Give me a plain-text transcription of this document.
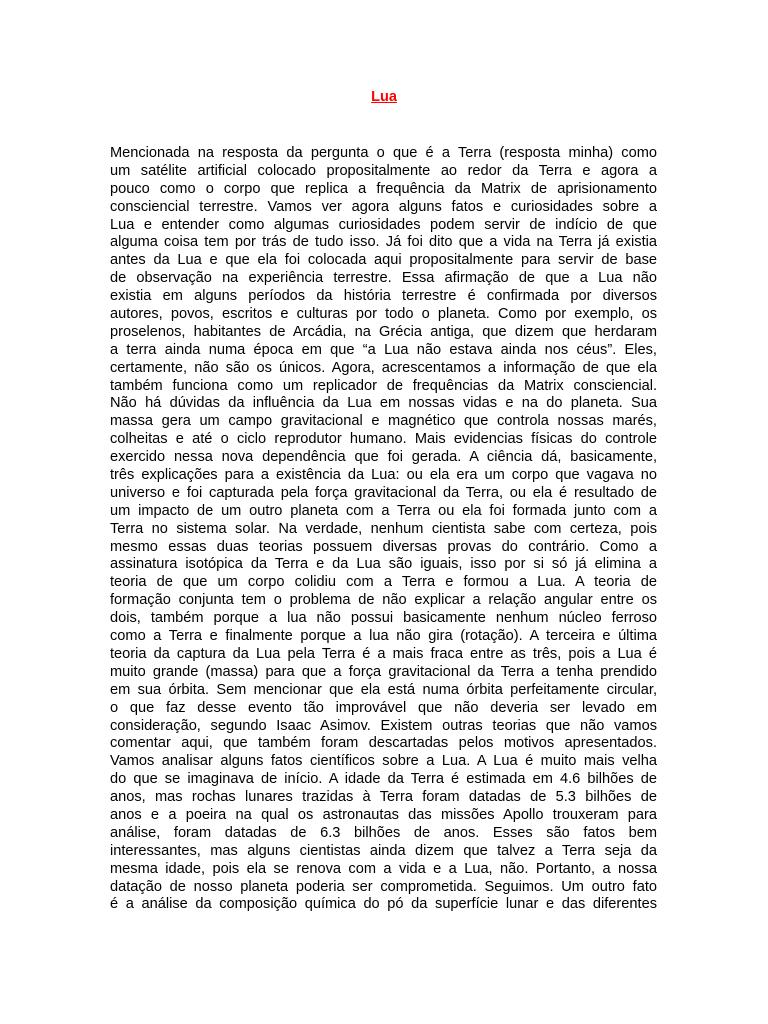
Lua
Mencionada na resposta da pergunta o que é a Terra (resposta minha) como
um satélite artificial colocado propositalmente ao redor da Terra e agora a
pouco como o corpo que replica a frequência da Matrix de aprisionamento
consciencial terrestre. Vamos ver agora alguns fatos e curiosidades sobre a
Lua e entender como algumas curiosidades podem servir de indício de que
alguma coisa tem por trás de tudo isso. Já foi dito que a vida na Terra já existia
antes da Lua e que ela foi colocada aqui propositalmente para servir de base
de observação na experiência terrestre. Essa afirmação de que a Lua não
existia em alguns períodos da história terrestre é confirmada por diversos
autores, povos, escritos e culturas por todo o planeta. Como por exemplo, os
proselenos, habitantes de Arcádia, na Grécia antiga, que dizem que herdaram
a terra ainda numa época em que “a Lua não estava ainda nos céus”. Eles,
certamente, não são os únicos. Agora, acrescentamos a informação de que ela
também funciona como um replicador de frequências da Matrix consciencial.
Não há dúvidas da influência da Lua em nossas vidas e na do planeta. Sua
massa gera um campo gravitacional e magnético que controla nossas marés,
colheitas e até o ciclo reprodutor humano. Mais evidencias físicas do controle
exercido nessa nova dependência que foi gerada. A ciência dá, basicamente,
três explicações para a existência da Lua: ou ela era um corpo que vagava no
universo e foi capturada pela força gravitacional da Terra, ou ela é resultado de
um impacto de um outro planeta com a Terra ou ela foi formada junto com a
Terra no sistema solar. Na verdade, nenhum cientista sabe com certeza, pois
mesmo essas duas teorias possuem diversas provas do contrário. Como a
assinatura isotópica da Terra e da Lua são iguais, isso por si só já elimina a
teoria de que um corpo colidiu com a Terra e formou a Lua. A teoria de
formação conjunta tem o problema de não explicar a relação angular entre os
dois, também porque a lua não possui basicamente nenhum núcleo ferroso
como a Terra e finalmente porque a lua não gira (rotação). A terceira e última
teoria da captura da Lua pela Terra é a mais fraca entre as três, pois a Lua é
muito grande (massa) para que a força gravitacional da Terra a tenha prendido
em sua órbita. Sem mencionar que ela está numa órbita perfeitamente circular,
o que faz desse evento tão improvável que não deveria ser levado em
consideração, segundo Isaac Asimov. Existem outras teorias que não vamos
comentar aqui, que também foram descartadas pelos motivos apresentados.
Vamos analisar alguns fatos científicos sobre a Lua. A Lua é muito mais velha
do que se imaginava de início. A idade da Terra é estimada em 4.6 bilhões de
anos, mas rochas lunares trazidas à Terra foram datadas de 5.3 bilhões de
anos e a poeira na qual os astronautas das missões Apollo trouxeram para
análise, foram datadas de 6.3 bilhões de anos. Esses são fatos bem
interessantes, mas alguns cientistas ainda dizem que talvez a Terra seja da
mesma idade, pois ela se renova com a vida e a Lua, não. Portanto, a nossa
datação de nosso planeta poderia ser comprometida. Seguimos. Um outro fato
é a análise da composição química do pó da superfície lunar e das diferentes
